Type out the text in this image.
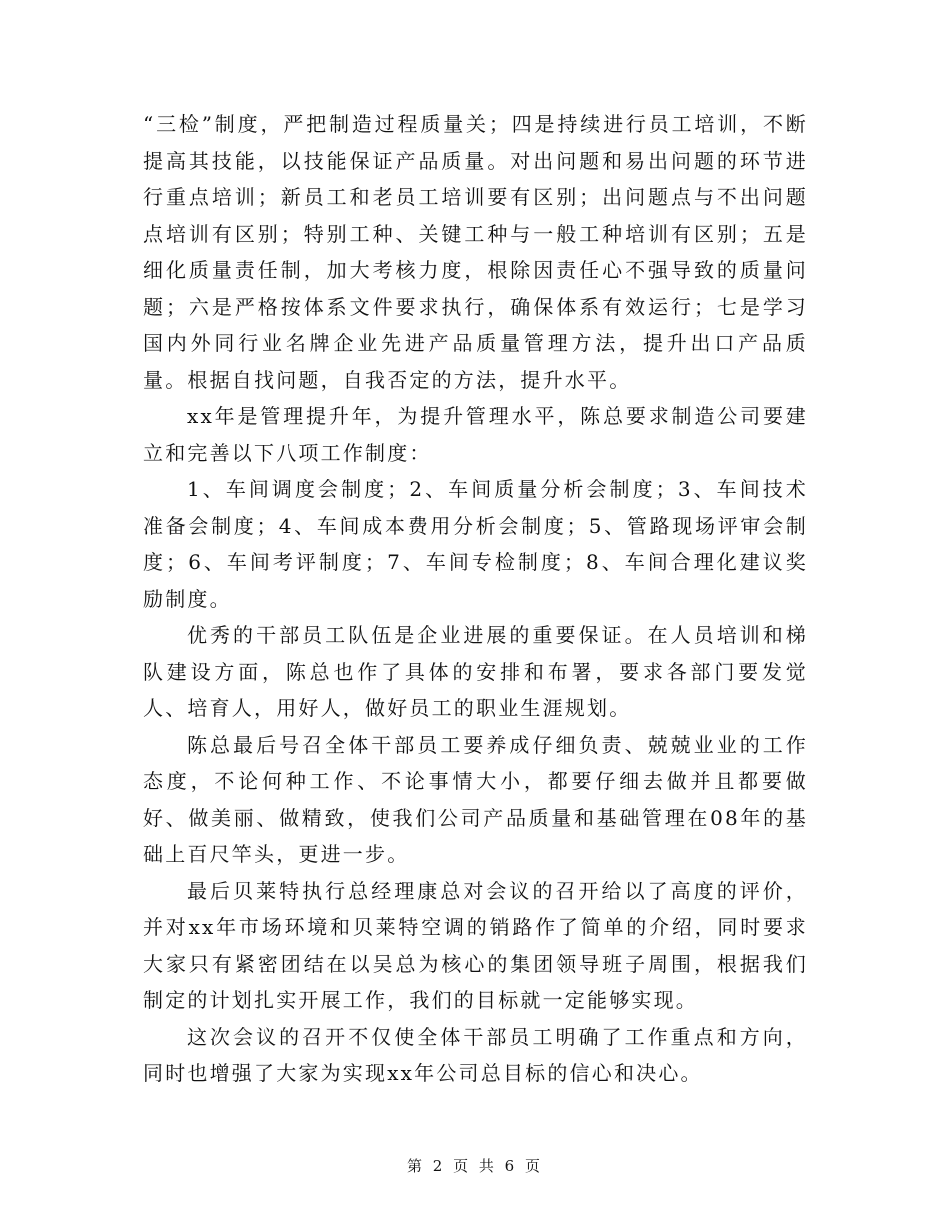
“三检”制度，严把制造过程质量关；四是持续进行员工培训，不断提高其技能，以技能保证产品质量。对出问题和易出问题的环节进行重点培训；新员工和老员工培训要有区别；出问题点与不出问题点培训有区别；特别工种、关键工种与一般工种培训有区别；五是细化质量责任制，加大考核力度，根除因责任心不强导致的质量问题；六是严格按体系文件要求执行，确保体系有效运行；七是学习国内外同行业名牌企业先进产品质量管理方法，提升出口产品质量。根据自找问题，自我否定的方法，提升水平。

xx年是管理提升年，为提升管理水平，陈总要求制造公司要建立和完善以下八项工作制度：

1、车间调度会制度；2、车间质量分析会制度；3、车间技术准备会制度；4、车间成本费用分析会制度；5、管路现场评审会制度；6、车间考评制度；7、车间专检制度；8、车间合理化建议奖励制度。

优秀的干部员工队伍是企业进展的重要保证。在人员培训和梯队建设方面，陈总也作了具体的安排和布署，要求各部门要发觉人、培育人，用好人，做好员工的职业生涯规划。

陈总最后号召全体干部员工要养成仔细负责、兢兢业业的工作态度，不论何种工作、不论事情大小，都要仔细去做并且都要做好、做美丽、做精致，使我们公司产品质量和基础管理在08年的基础上百尺竿头，更进一步。

最后贝莱特执行总经理康总对会议的召开给以了高度的评价，并对xx年市场环境和贝莱特空调的销路作了简单的介绍，同时要求大家只有紧密团结在以吴总为核心的集团领导班子周围，根据我们制定的计划扎实开展工作，我们的目标就一定能够实现。

这次会议的召开不仅使全体干部员工明确了工作重点和方向，同时也增强了大家为实现xx年公司总目标的信心和决心。

第 2 页 共 6 页
